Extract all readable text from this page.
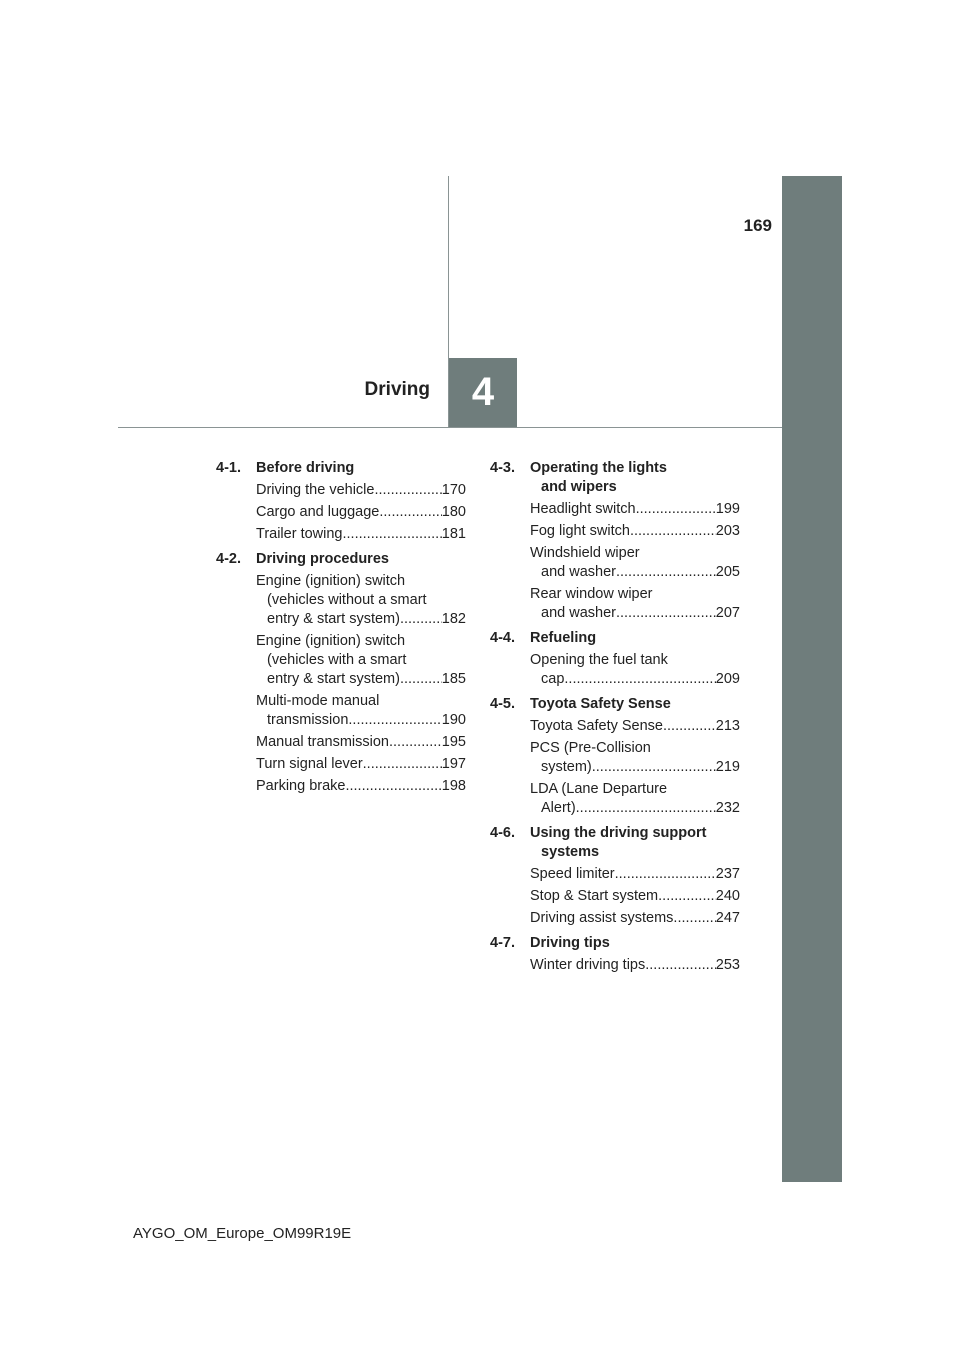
169
Driving 4
4-1.	Before driving
Driving the vehicle .....	170
Cargo and luggage .....	180
Trailer towing .....	181
4-2.	Driving procedures
Engine (ignition) switch
(vehicles without a smart
entry & start system) .....	182
Engine (ignition) switch
(vehicles with a smart
entry & start system) .....	185
Multi-mode manual
transmission .....	190
Manual transmission .....	195
Turn signal lever .....	197
Parking brake .....	198
4-3.	Operating the lights
and wipers
Headlight switch .....	199
Fog light switch .....	203
Windshield wiper
and washer .....	205
Rear window wiper
and washer .....	207
4-4.	Refueling
Opening the fuel tank
cap .....	209
4-5.	Toyota Safety Sense
Toyota Safety Sense .....	213
PCS (Pre-Collision
system) .....	219
LDA (Lane Departure
Alert) .....	232
4-6.	Using the driving support
systems
Speed limiter .....	237
Stop & Start system .....	240
Driving assist systems .....	247
4-7.	Driving tips
Winter driving tips .....	253
AYGO_OM_Europe_OM99R19E
